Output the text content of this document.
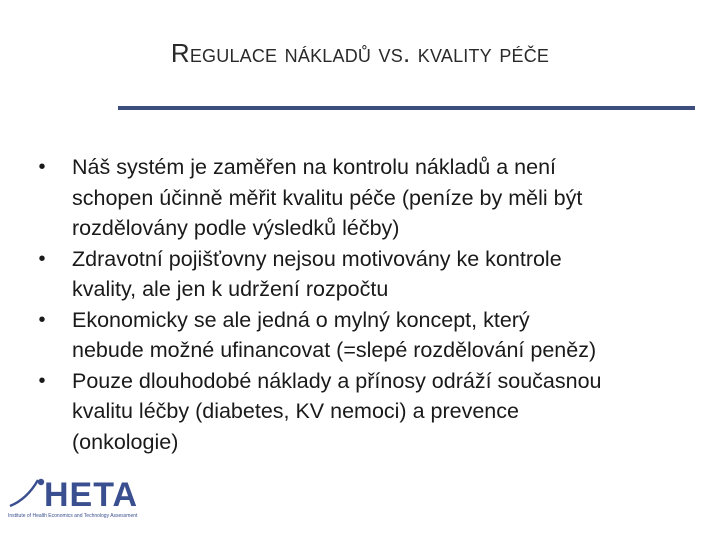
Regulace nákladů vs. kvality péče
• Náš systém je zaměřen na kontrolu nákladů a není
schopen účinně měřit kvalitu péče (peníze by měli být
rozdělovány podle výsledků léčby)
• Zdravotní pojišťovny nejsou motivovány ke kontrole
kvality, ale jen k udržení rozpočtu
• Ekonomicky se ale jedná o mylný koncept, který
nebude možné ufinancovat (=slepé rozdělování peněz)
• Pouze dlouhodobé náklady a přínosy odráží současnou
kvalitu léčby (diabetes, KV nemoci) a prevence
(onkologie)
HETA
Institute of Health Economics and Technology Assessment
